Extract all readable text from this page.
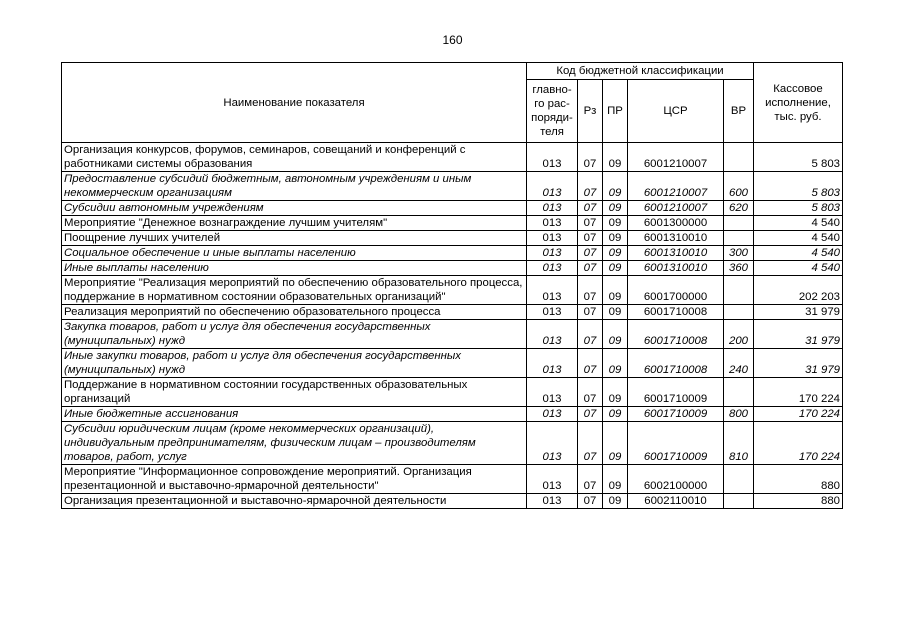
160
Наименование показателя	Код бюджетной классификации					Кассовое исполнение, тыс. руб.
	главно-го рас-поряди-теля	Рз	ПР	ЦСР	ВР	
Организация конкурсов, форумов, семинаров, совещаний и конференций с работниками системы образования	013	07	09	6001210007		5 803
Предоставление субсидий бюджетным, автономным учреждениям и иным некоммерческим организациям	013	07	09	6001210007	600	5 803
Субсидии автономным учреждениям	013	07	09	6001210007	620	5 803
Мероприятие "Денежное вознаграждение лучшим учителям"	013	07	09	6001300000		4 540
Поощрение лучших учителей	013	07	09	6001310010		4 540
Социальное обеспечение и иные выплаты населению	013	07	09	6001310010	300	4 540
Иные выплаты населению	013	07	09	6001310010	360	4 540
Мероприятие "Реализация мероприятий по обеспечению образовательного процесса, поддержание в нормативном состоянии образовательных организаций"	013	07	09	6001700000		202 203
Реализация мероприятий по обеспечению образовательного процесса	013	07	09	6001710008		31 979
Закупка товаров, работ и услуг для обеспечения государственных (муниципальных) нужд	013	07	09	6001710008	200	31 979
Иные закупки товаров, работ и услуг для обеспечения государственных (муниципальных) нужд	013	07	09	6001710008	240	31 979
Поддержание в нормативном состоянии государственных образовательных организаций	013	07	09	6001710009		170 224
Иные бюджетные ассигнования	013	07	09	6001710009	800	170 224
Субсидии юридическим лицам (кроме некоммерческих организаций), индивидуальным предпринимателям, физическим лицам – производителям товаров, работ, услуг	013	07	09	6001710009	810	170 224
Мероприятие "Информационное сопровождение мероприятий. Организация презентационной и выставочно-ярмарочной деятельности"	013	07	09	6002100000		880
Организация презентационной и выставочно-ярмарочной деятельности	013	07	09	6002110010		880
